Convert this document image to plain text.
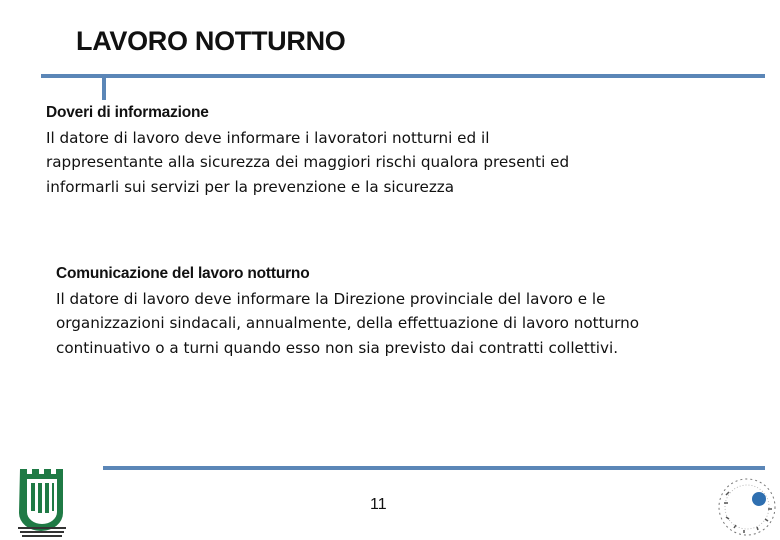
LAVORO NOTTURNO
Doveri di informazione
Il datore di lavoro deve informare i lavoratori notturni ed il
rappresentante alla sicurezza dei maggiori rischi qualora presenti ed
informarli sui servizi per la prevenzione e la sicurezza
Comunicazione del lavoro notturno
Il datore di lavoro deve informare la Direzione provinciale del lavoro e le
organizzazioni sindacali, annualmente, della effettuazione di lavoro notturno
continuativo o a turni quando esso non sia previsto dai contratti collettivi.
11
